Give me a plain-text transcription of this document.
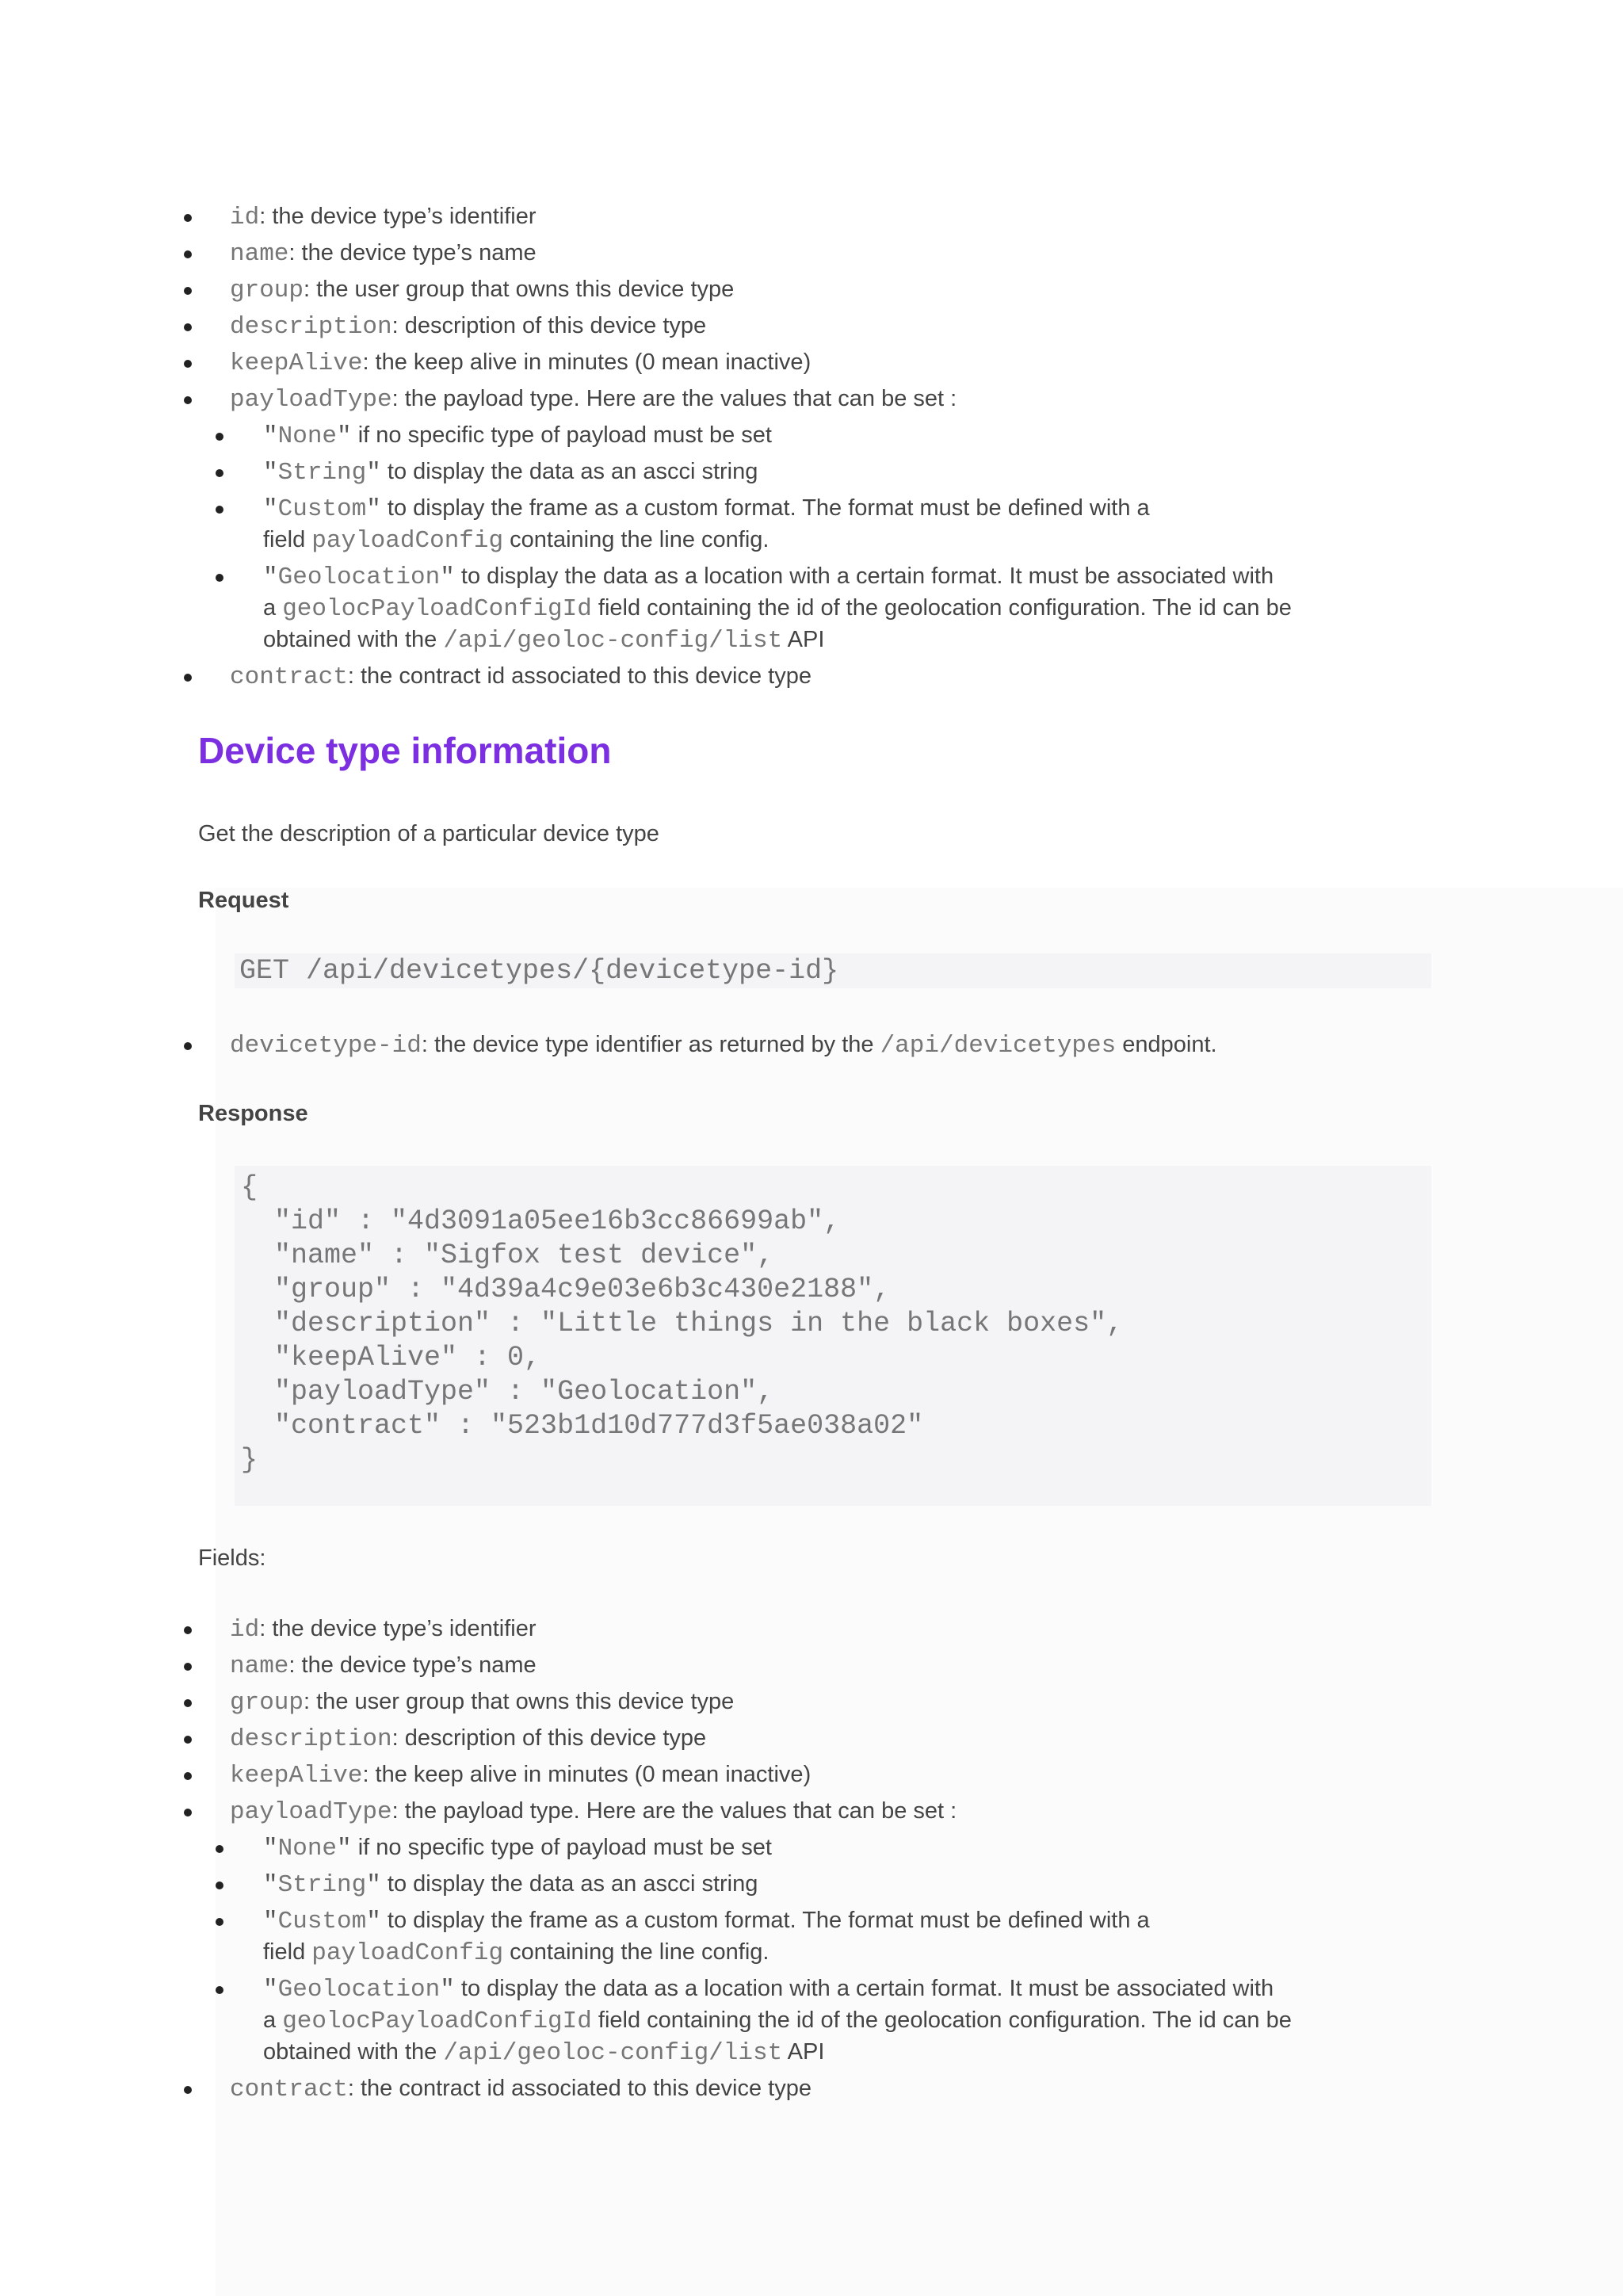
id: the device type’s identifier
name: the device type’s name
group: the user group that owns this device type
description: description of this device type
keepAlive: the keep alive in minutes (0 mean inactive)
payloadType: the payload type. Here are the values that can be set :
"None" if no specific type of payload must be set
"String" to display the data as an ascci string
"Custom" to display the frame as a custom format. The format must be defined with a
field payloadConfig containing the line config.
"Geolocation" to display the data as a location with a certain format. It must be associated with
a geolocPayloadConfigId field containing the id of the geolocation configuration. The id can be
obtained with the /api/geoloc-config/list API
contract: the contract id associated to this device type
Device type information

Get the description of a particular device type

Request

GET /api/devicetypes/{devicetype-id}
devicetype-id: the device type identifier as returned by the /api/devicetypes endpoint.

Response

{
"id" : "4d3091a05ee16b3cc86699ab",
"name" : "Sigfox test device",
"group" : "4d39a4c9e03e6b3c430e2188",
"description" : "Little things in the black boxes",
"keepAlive" : 0,
"payloadType" : "Geolocation",
"contract" : "523b1d10d777d3f5ae038a02"
}

Fields:

id: the device type’s identifier
name: the device type’s name
group: the user group that owns this device type
description: description of this device type
keepAlive: the keep alive in minutes (0 mean inactive)
payloadType: the payload type. Here are the values that can be set :
"None" if no specific type of payload must be set
"String" to display the data as an ascci string
"Custom" to display the frame as a custom format. The format must be defined with a
field payloadConfig containing the line config.
"Geolocation" to display the data as a location with a certain format. It must be associated with
a geolocPayloadConfigId field containing the id of the geolocation configuration. The id can be
obtained with the /api/geoloc-config/list API
contract: the contract id associated to this device type
